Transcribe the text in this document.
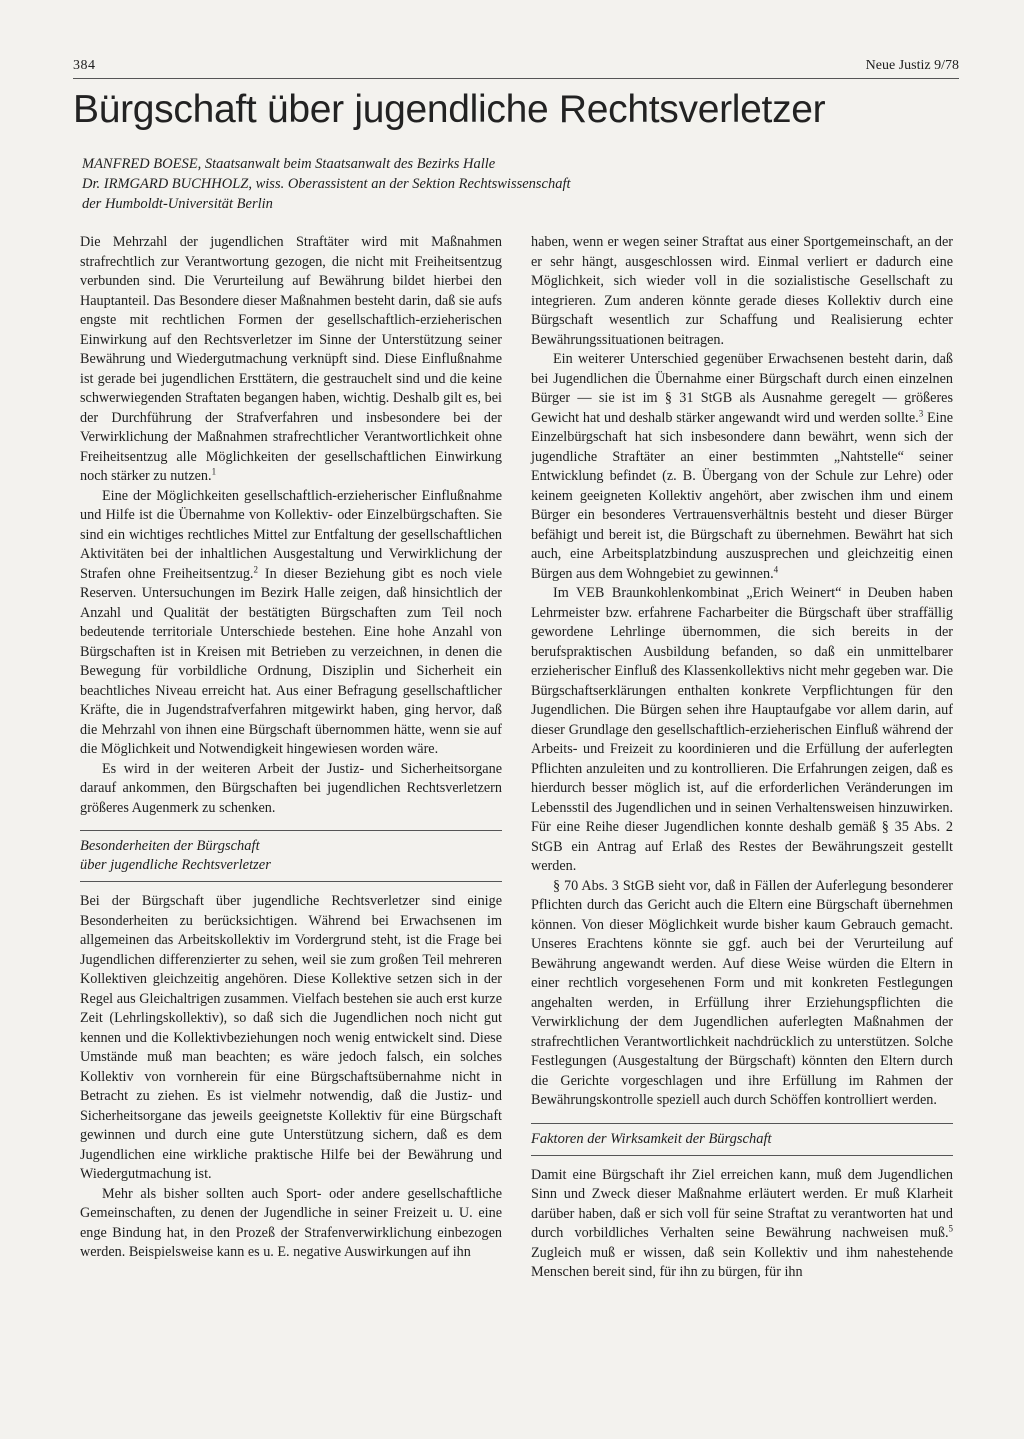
384	Neue Justiz 9/78
Bürgschaft über jugendliche Rechtsverletzer
MANFRED BOESE, Staatsanwalt beim Staatsanwalt des Bezirks Halle
Dr. IRMGARD BUCHHOLZ, wiss. Oberassistent an der Sektion Rechtswissenschaft
der Humboldt-Universität Berlin

Die Mehrzahl der jugendlichen Straftäter wird mit Maßnahmen strafrechtlich zur Verantwortung gezogen, die nicht mit Freiheitsentzug verbunden sind. Die Verurteilung auf Bewährung bildet hierbei den Hauptanteil. Das Besondere dieser Maßnahmen besteht darin, daß sie aufs engste mit rechtlichen Formen der gesellschaftlich-erzieherischen Einwirkung auf den Rechtsverletzer im Sinne der Unterstützung seiner Bewährung und Wiedergutmachung verknüpft sind. Diese Einflußnahme ist gerade bei jugendlichen Ersttätern, die gestrauchelt sind und die keine schwerwiegenden Straftaten begangen haben, wichtig. Deshalb gilt es, bei der Durchführung der Strafverfahren und insbesondere bei der Verwirklichung der Maßnahmen strafrechtlicher Verantwortlichkeit ohne Freiheitsentzug alle Möglichkeiten der gesellschaftlichen Einwirkung noch stärker zu nutzen.$^1$

Eine der Möglichkeiten gesellschaftlich-erzieherischer Einflußnahme und Hilfe ist die Übernahme von Kollektiv- oder Einzelbürgschaften. Sie sind ein wichtiges rechtliches Mittel zur Entfaltung der gesellschaftlichen Aktivitäten bei der inhaltlichen Ausgestaltung und Verwirklichung der Strafen ohne Freiheitsentzug.$^2$ In dieser Beziehung gibt es noch viele Reserven. Untersuchungen im Bezirk Halle zeigen, daß hinsichtlich der Anzahl und Qualität der bestätigten Bürgschaften zum Teil noch bedeutende territoriale Unterschiede bestehen. Eine hohe Anzahl von Bürgschaften ist in Kreisen mit Betrieben zu verzeichnen, in denen die Bewegung für vorbildliche Ordnung, Disziplin und Sicherheit ein beachtliches Niveau erreicht hat. Aus einer Befragung gesellschaftlicher Kräfte, die in Jugendstrafverfahren mitgewirkt haben, ging hervor, daß die Mehrzahl von ihnen eine Bürgschaft übernommen hätte, wenn sie auf die Möglichkeit und Notwendigkeit hingewiesen worden wäre.

Es wird in der weiteren Arbeit der Justiz- und Sicherheitsorgane darauf ankommen, den Bürgschaften bei jugendlichen Rechtsverletzern größeres Augenmerk zu schenken.

Besonderheiten der Bürgschaft
über jugendliche Rechtsverletzer

Bei der Bürgschaft über jugendliche Rechtsverletzer sind einige Besonderheiten zu berücksichtigen. Während bei Erwachsenen im allgemeinen das Arbeitskollektiv im Vordergrund steht, ist die Frage bei Jugendlichen differenzierter zu sehen, weil sie zum großen Teil mehreren Kollektiven gleichzeitig angehören. Diese Kollektive setzen sich in der Regel aus Gleichaltrigen zusammen. Vielfach bestehen sie auch erst kurze Zeit (Lehrlingskollektiv), so daß sich die Jugendlichen noch nicht gut kennen und die Kollektivbeziehungen noch wenig entwickelt sind. Diese Umstände muß man beachten; es wäre jedoch falsch, ein solches Kollektiv von vornherein für eine Bürgschaftsübernahme nicht in Betracht zu ziehen. Es ist vielmehr notwendig, daß die Justiz- und Sicherheitsorgane das jeweils geeignetste Kollektiv für eine Bürgschaft gewinnen und durch eine gute Unterstützung sichern, daß es dem Jugendlichen eine wirkliche praktische Hilfe bei der Bewährung und Wiedergutmachung ist.

Mehr als bisher sollten auch Sport- oder andere gesellschaftliche Gemeinschaften, zu denen der Jugendliche in seiner Freizeit u. U. eine enge Bindung hat, in den Prozeß der Strafenverwirklichung einbezogen werden. Beispielsweise kann es u. E. negative Auswirkungen auf ihn

haben, wenn er wegen seiner Straftat aus einer Sportgemeinschaft, an der er sehr hängt, ausgeschlossen wird. Einmal verliert er dadurch eine Möglichkeit, sich wieder voll in die sozialistische Gesellschaft zu integrieren. Zum anderen könnte gerade dieses Kollektiv durch eine Bürgschaft wesentlich zur Schaffung und Realisierung echter Bewährungssituationen beitragen.

Ein weiterer Unterschied gegenüber Erwachsenen besteht darin, daß bei Jugendlichen die Übernahme einer Bürgschaft durch einen einzelnen Bürger — sie ist im § 31 StGB als Ausnahme geregelt — größeres Gewicht hat und deshalb stärker angewandt wird und werden sollte.$^3$ Eine Einzelbürgschaft hat sich insbesondere dann bewährt, wenn sich der jugendliche Straftäter an einer bestimmten „Nahtstelle“ seiner Entwicklung befindet (z. B. Übergang von der Schule zur Lehre) oder keinem geeigneten Kollektiv angehört, aber zwischen ihm und einem Bürger ein besonderes Vertrauensverhältnis besteht und dieser Bürger befähigt und bereit ist, die Bürgschaft zu übernehmen. Bewährt hat sich auch, eine Arbeitsplatzbindung auszusprechen und gleichzeitig einen Bürgen aus dem Wohngebiet zu gewinnen.$^4$

Im VEB Braunkohlenkombinat „Erich Weinert“ in Deuben haben Lehrmeister bzw. erfahrene Facharbeiter die Bürgschaft über straffällig gewordene Lehrlinge übernommen, die sich bereits in der berufspraktischen Ausbildung befanden, so daß ein unmittelbarer erzieherischer Einfluß des Klassenkollektivs nicht mehr gegeben war. Die Bürgschaftserklärungen enthalten konkrete Verpflichtungen für den Jugendlichen. Die Bürgen sehen ihre Hauptaufgabe vor allem darin, auf dieser Grundlage den gesellschaftlich-erzieherischen Einfluß während der Arbeits- und Freizeit zu koordinieren und die Erfüllung der auferlegten Pflichten anzuleiten und zu kontrollieren. Die Erfahrungen zeigen, daß es hierdurch besser möglich ist, auf die erforderlichen Veränderungen im Lebensstil des Jugendlichen und in seinen Verhaltensweisen hinzuwirken. Für eine Reihe dieser Jugendlichen konnte deshalb gemäß § 35 Abs. 2 StGB ein Antrag auf Erlaß des Restes der Bewährungszeit gestellt werden.

§ 70 Abs. 3 StGB sieht vor, daß in Fällen der Auferlegung besonderer Pflichten durch das Gericht auch die Eltern eine Bürgschaft übernehmen können. Von dieser Möglichkeit wurde bisher kaum Gebrauch gemacht. Unseres Erachtens könnte sie ggf. auch bei der Verurteilung auf Bewährung angewandt werden. Auf diese Weise würden die Eltern in einer rechtlich vorgesehenen Form und mit konkreten Festlegungen angehalten werden, in Erfüllung ihrer Erziehungspflichten die Verwirklichung der dem Jugendlichen auferlegten Maßnahmen der strafrechtlichen Verantwortlichkeit nachdrücklich zu unterstützen. Solche Festlegungen (Ausgestaltung der Bürgschaft) könnten den Eltern durch die Gerichte vorgeschlagen und ihre Erfüllung im Rahmen der Bewährungskontrolle speziell auch durch Schöffen kontrolliert werden.

Faktoren der Wirksamkeit der Bürgschaft

Damit eine Bürgschaft ihr Ziel erreichen kann, muß dem Jugendlichen Sinn und Zweck dieser Maßnahme erläutert werden. Er muß Klarheit darüber haben, daß er sich voll für seine Straftat zu verantworten hat und durch vorbildliches Verhalten seine Bewährung nachweisen muß.$^5$ Zugleich muß er wissen, daß sein Kollektiv und ihm nahestehende Menschen bereit sind, für ihn zu bürgen, für ihn
